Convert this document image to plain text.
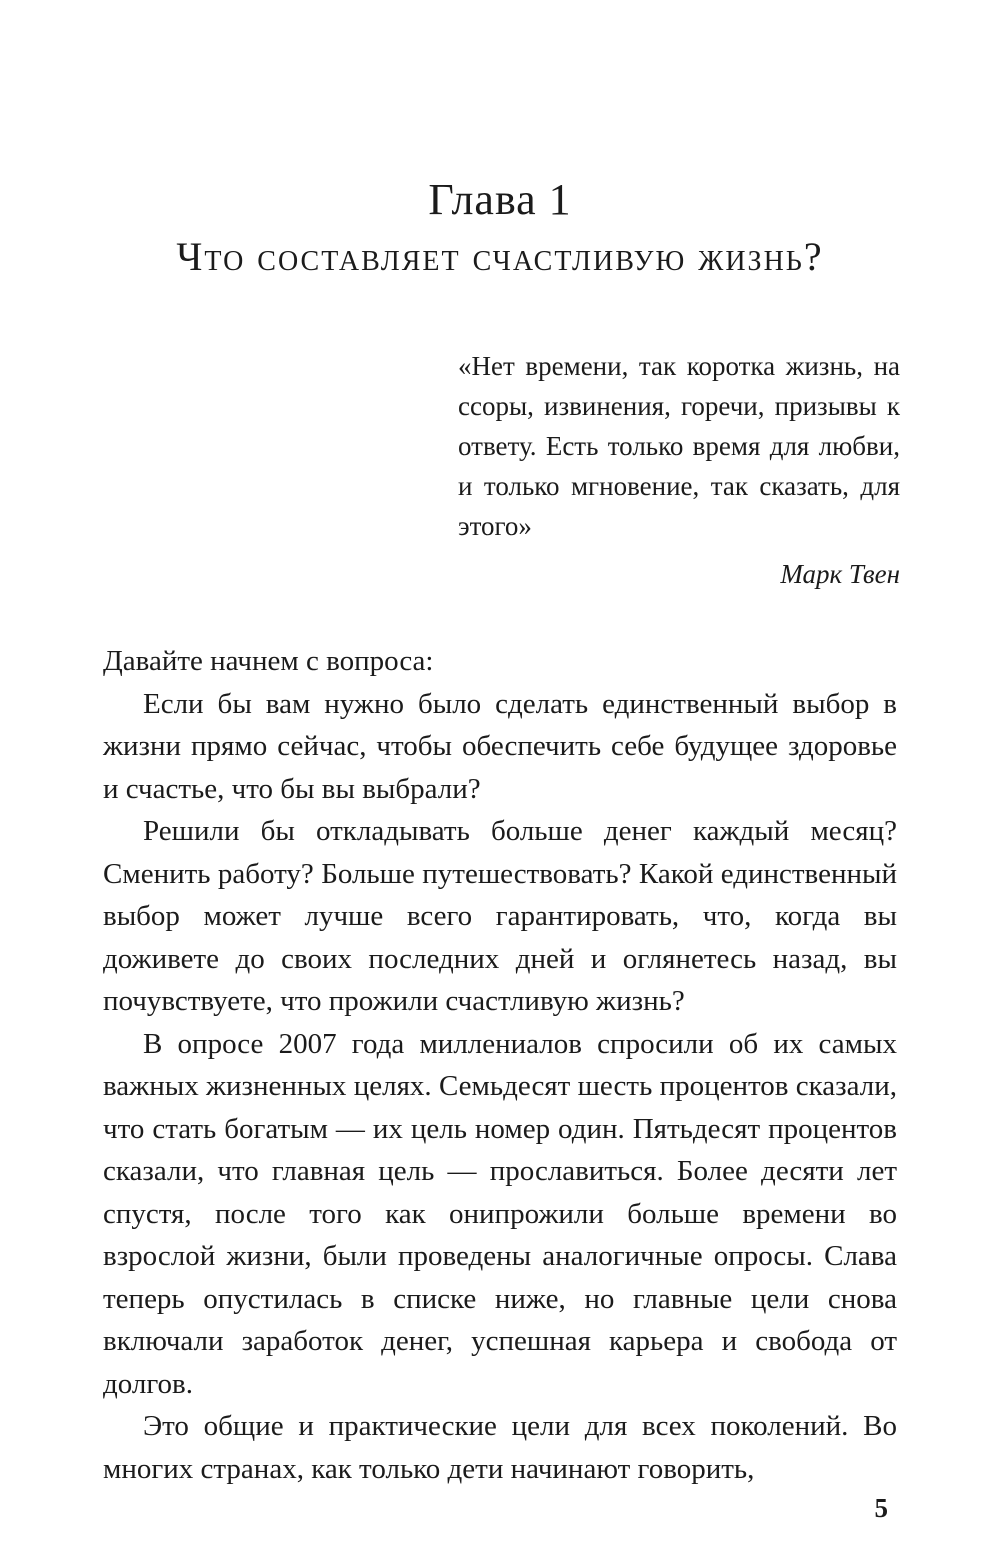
Глава 1
Что составляет счастливую жизнь?
«Нет времени, так коротка жизнь, на ссоры, извинения, горечи, призывы к ответу. Есть только время для любви, и только мгновение, так сказать, для этого»
Марк Твен

Давайте начнем с вопроса:

Если бы вам нужно было сделать единственный выбор в жизни прямо сейчас, чтобы обеспечить себе будущее здоровье и счастье, что бы вы выбрали?

Решили бы откладывать больше денег каждый месяц? Сменить работу? Больше путешествовать? Какой единственный выбор может лучше всего гарантировать, что, когда вы доживете до своих последних дней и оглянетесь назад, вы почувствуете, что прожили счастливую жизнь?

В опросе 2007 года миллениалов спросили об их самых важных жизненных целях. Семьдесят шесть процентов сказали, что стать богатым — их цель номер один. Пятьдесят процентов сказали, что главная цель — прославиться. Более десяти лет спустя, после того как онипрожили больше времени во взрослой жизни, были проведены аналогичные опросы. Слава теперь опустилась в списке ниже, но главные цели снова включали заработок денег, успешная карьера и свобода от долгов.

Это общие и практические цели для всех поколений. Во многих странах, как только дети начинают говорить,

5
